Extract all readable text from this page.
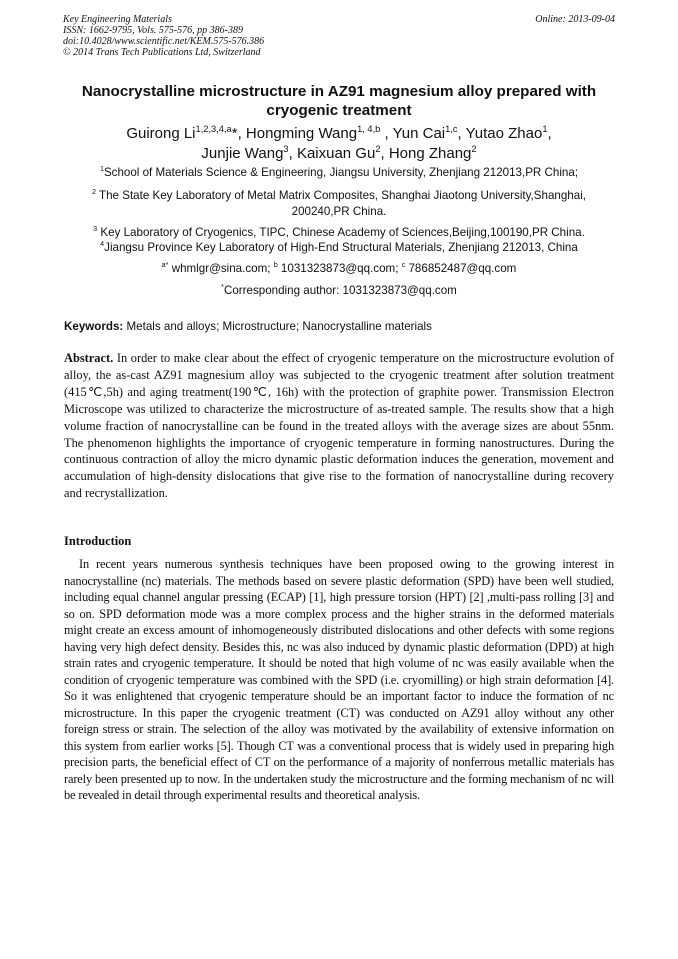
Key Engineering Materials
ISSN: 1662-9795, Vols. 575-576, pp 386-389
doi:10.4028/www.scientific.net/KEM.575-576.386
© 2014 Trans Tech Publications Ltd, Switzerland
Online: 2013-09-04
Nanocrystalline microstructure in AZ91 magnesium alloy prepared with cryogenic treatment
Guirong Li$^{1,2,3,4,a}$*, Hongming Wang$^{1, 4,b}$ , Yun Cai$^{1,c}$, Yutao Zhao$^1$,
Junjie Wang$^3$, Kaixuan Gu$^2$, Hong Zhang$^2$
$^1$School of Materials Science & Engineering, Jiangsu University, Zhenjiang 212013,PR China;
$^2$ The State Key Laboratory of Metal Matrix Composites, Shanghai Jiaotong University,Shanghai, 200240,PR China.
$^3$ Key Laboratory of Cryogenics, TIPC, Chinese Academy of Sciences,Beijing,100190,PR China.
$^4$Jiangsu Province Key Laboratory of High-End Structural Materials, Zhenjiang 212013, China
$^{a*}$ whmlgr@sina.com; $^b$ 1031323873@qq.com; $^c$ 786852487@qq.com
*Corresponding author: 1031323873@qq.com
Keywords: Metals and alloys; Microstructure; Nanocrystalline materials
Abstract. In order to make clear about the effect of cryogenic temperature on the microstructure evolution of alloy, the as-cast AZ91 magnesium alloy was subjected to the cryogenic treatment after solution treatment (415℃,5h) and aging treatment(190℃, 16h) with the protection of graphite power. Transmission Electron Microscope was utilized to characterize the microstructure of as-treated sample. The results show that a high volume fraction of nanocrystalline can be found in the treated alloys with the average sizes are about 55nm. The phenomenon highlights the importance of cryogenic temperature in forming nanostructures. During the continuous contraction of alloy the micro dynamic plastic deformation induces the generation, movement and accumulation of high-density dislocations that give rise to the formation of nanocrystalline during recovery and recrystallization.
Introduction
In recent years numerous synthesis techniques have been proposed owing to the growing interest in nanocrystalline (nc) materials. The methods based on severe plastic deformation (SPD) have been well studied, including equal channel angular pressing (ECAP) [1], high pressure torsion (HPT) [2] ,multi-pass rolling [3] and so on. SPD deformation mode was a more complex process and the higher strains in the deformed materials might create an excess amount of inhomogeneously distributed dislocations and other defects with some regions having very high defect density. Besides this, nc was also induced by dynamic plastic deformation (DPD) at high strain rates and cryogenic temperature. It should be noted that high volume of nc was easily available when the condition of cryogenic temperature was combined with the SPD (i.e. cryomilling) or high strain deformation [4]. So it was enlightened that cryogenic temperature should be an important factor to induce the formation of nc microstructure. In this paper the cryogenic treatment (CT) was conducted on AZ91 alloy without any other foreign stress or strain. The selection of the alloy was motivated by the availability of extensive information on this system from earlier works [5]. Though CT was a conventional process that is widely used in preparing high precision parts, the beneficial effect of CT on the performance of a majority of nonferrous metallic materials has rarely been presented up to now. In the undertaken study the microstructure and the forming mechanism of nc will be revealed in detail through experimental results and theoretical analysis.
